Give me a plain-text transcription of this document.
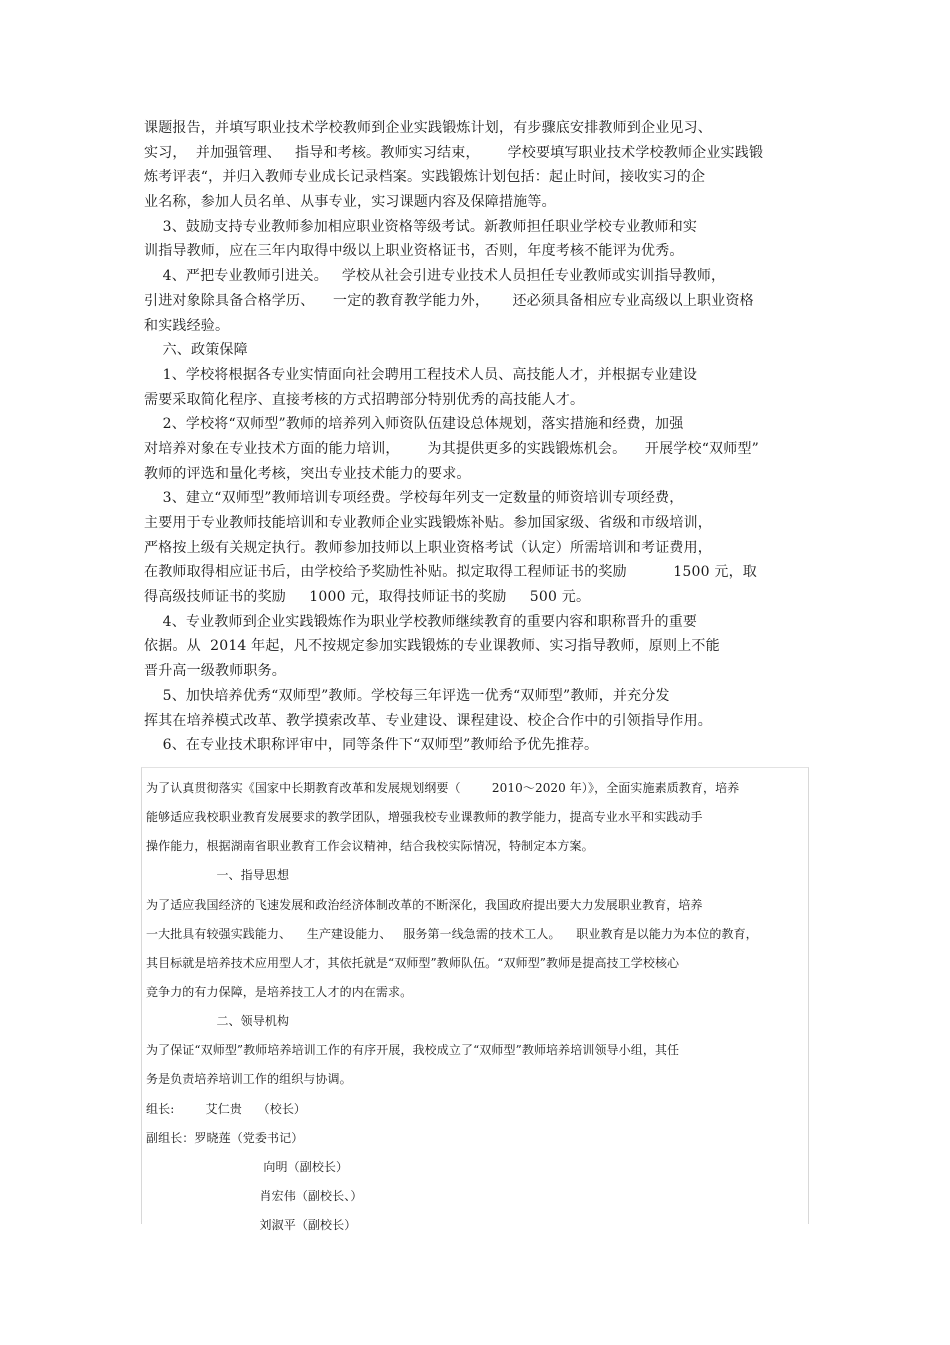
课题报告，并填写职业技术学校教师到企业实践锻炼计划，有步骤底安排教师到企业见习、
实习，  并加强管理、   指导和考核。教师实习结束，      学校要填写职业技术学校教师企业实践锻
炼考评表“，并归入教师专业成长记录档案。实践锻炼计划包括：起止时间，接收实习的企
业名称，参加人员名单、从事专业，实习课题内容及保障措施等。
3、鼓励支持专业教师参加相应职业资格等级考试。新教师担任职业学校专业教师和实
训指导教师，应在三年内取得中级以上职业资格证书，否则，年度考核不能评为优秀。
4、严把专业教师引进关。   学校从社会引进专业技术人员担任专业教师或实训指导教师，
引进对象除具备合格学历、    一定的教育教学能力外，     还必须具备相应专业高级以上职业资格
和实践经验。
六、政策保障
1、学校将根据各专业实情面向社会聘用工程技术人员、高技能人才，并根据专业建设
需要采取简化程序、直接考核的方式招聘部分特别优秀的高技能人才。
2、学校将“双师型”教师的培养列入师资队伍建设总体规划，落实措施和经费，加强
对培养对象在专业技术方面的能力培训，      为其提供更多的实践锻炼机会。    开展学校“双师型”
教师的评选和量化考核，突出专业技术能力的要求。
3、建立“双师型”教师培训专项经费。学校每年列支一定数量的师资培训专项经费，
主要用于专业教师技能培训和专业教师企业实践锻炼补贴。参加国家级、省级和市级培训，
严格按上级有关规定执行。教师参加技师以上职业资格考试（认定）所需培训和考证费用，
在教师取得相应证书后，由学校给予奖励性补贴。拟定取得工程师证书的奖励          1500 元，取
得高级技师证书的奖励     1000 元，取得技师证书的奖励     500 元。
4、专业教师到企业实践锻炼作为职业学校教师继续教育的重要内容和职称晋升的重要
依据。从  2014 年起，凡不按规定参加实践锻炼的专业课教师、实习指导教师，原则上不能
晋升高一级教师职务。
5、加快培养优秀“双师型”教师。学校每三年评选一优秀“双师型”教师，并充分发
挥其在培养模式改革、教学摸索改革、专业建设、课程建设、校企合作中的引领指导作用。
6、在专业技术职称评审中，同等条件下“双师型”教师给予优先推荐。
为了认真贯彻落实《国家中长期教育改革和发展规划纲要（        2010～2020 年）》，全面实施素质教育，培养
能够适应我校职业教育发展要求的教学团队，增强我校专业课教师的教学能力，提高专业水平和实践动手
操作能力，根据湖南省职业教育工作会议精神，结合我校实际情况，特制定本方案。
一、指导思想
为了适应我国经济的飞速发展和政治经济体制改革的不断深化，我国政府提出要大力发展职业教育，培养
一大批具有较强实践能力、    生产建设能力、   服务第一线急需的技术工人。    职业教育是以能力为本位的教育，
其目标就是培养技术应用型人才，其依托就是“双师型”教师队伍。“双师型”教师是提高技工学校核心
竞争力的有力保障，是培养技工人才的内在需求。
二、领导机构
为了保证“双师型”教师培养培训工作的有序开展，我校成立了“双师型”教师培养培训领导小组，其任
务是负责培养培训工作的组织与协调。
组长:        艾仁贵    （校长）
副组长：罗晓莲（党委书记）
向明（副校长）
肖宏伟（副校长、）
刘淑平（副校长）
